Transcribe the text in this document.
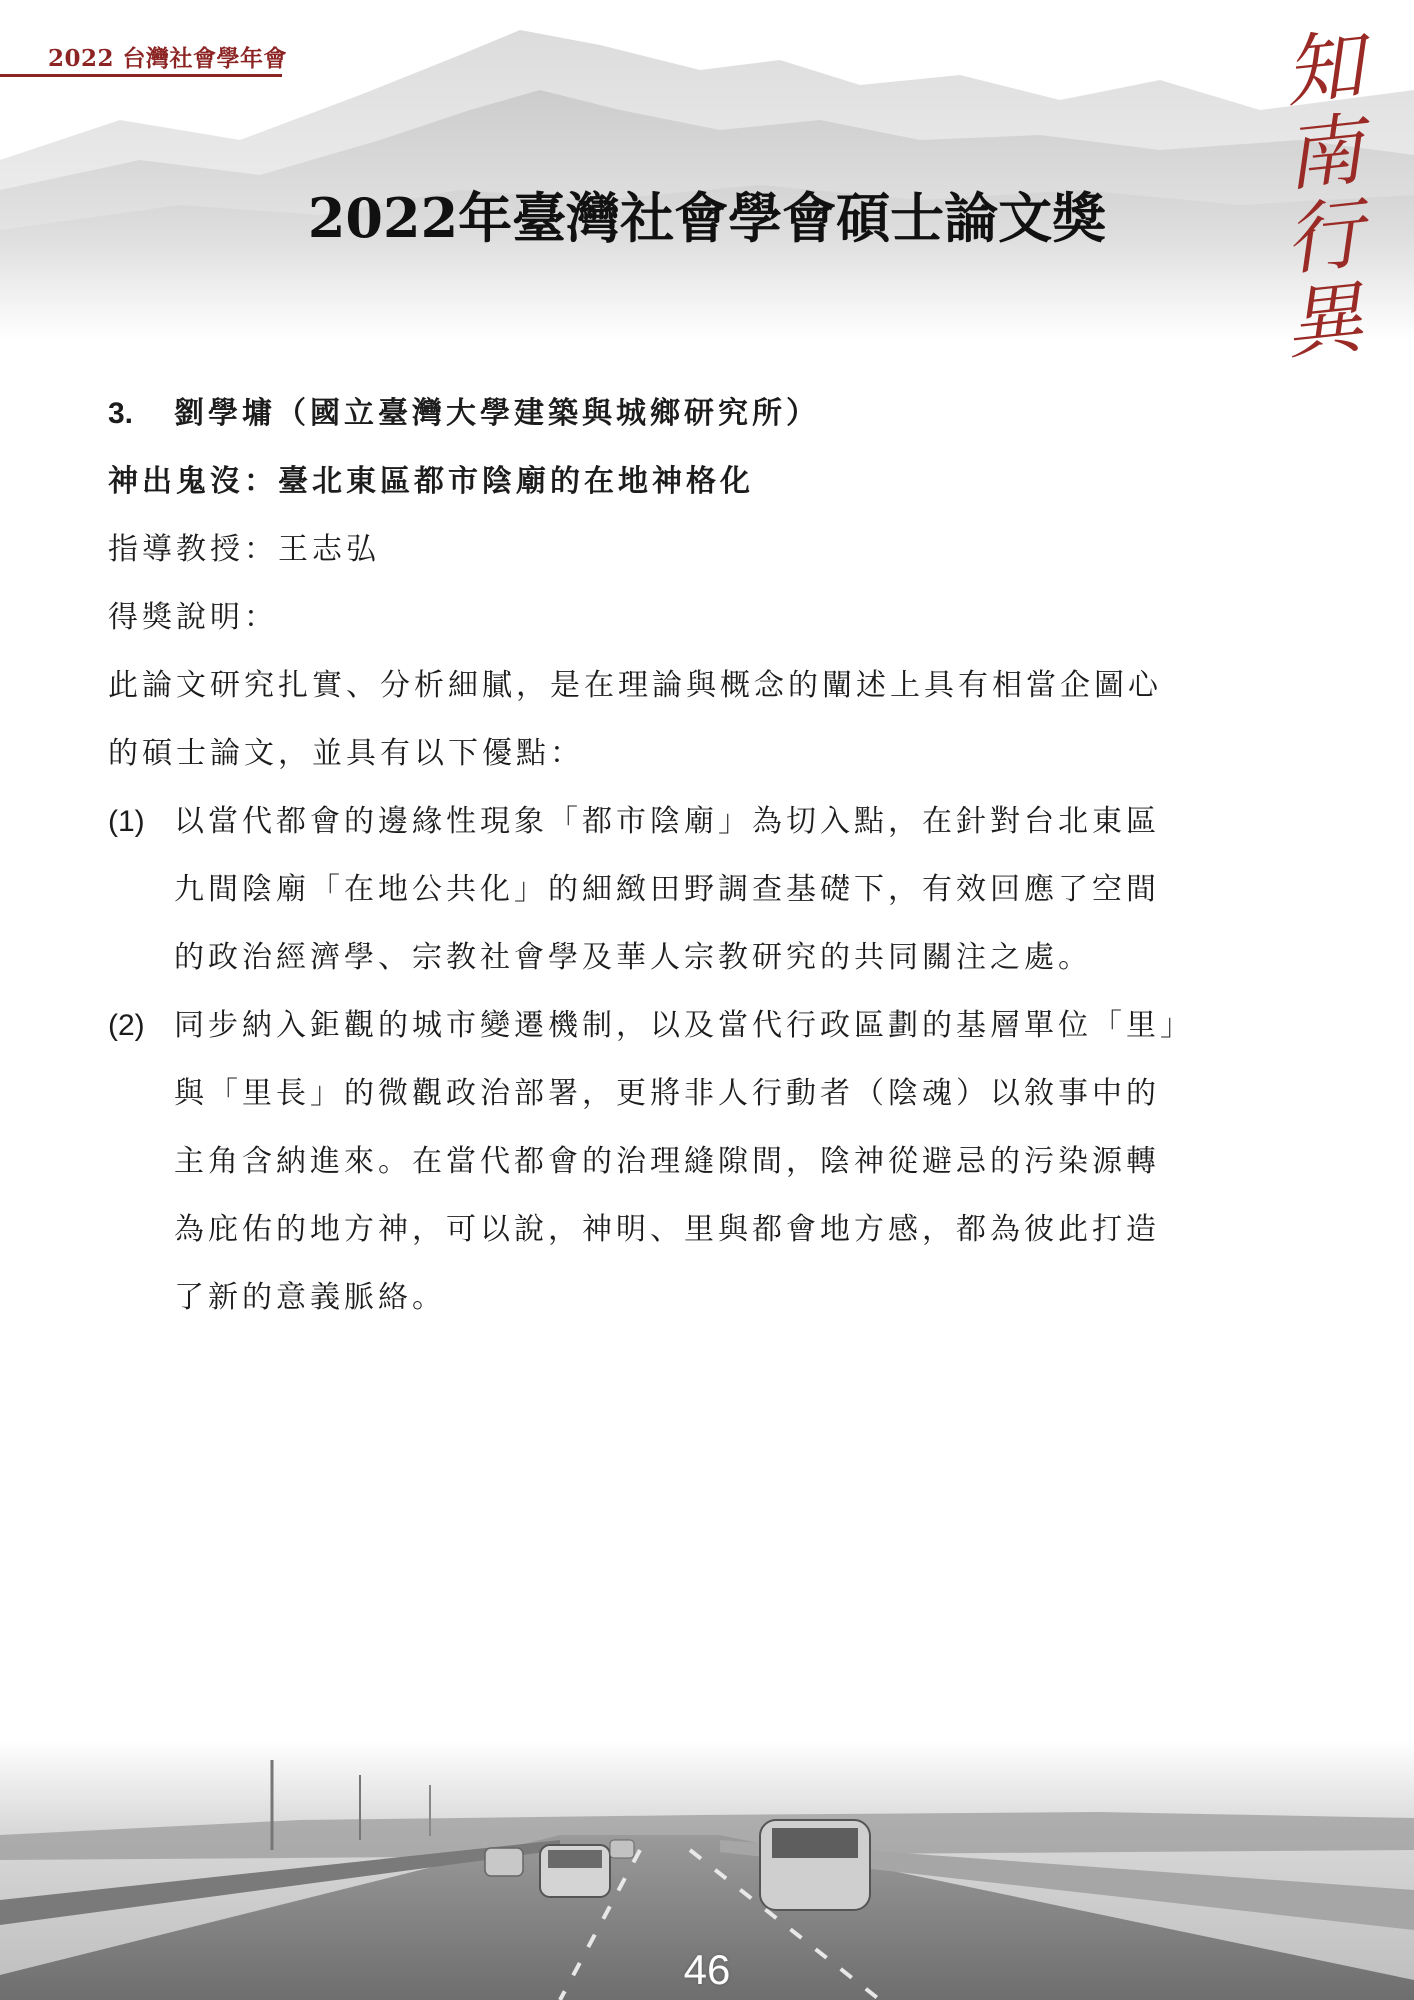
2022 台灣社會學年會	知
南
行
異
2022年臺灣社會學會碩士論文獎
3. 劉學墉（國立臺灣大學建築與城鄉研究所）
神出鬼沒：臺北東區都市陰廟的在地神格化
指導教授：王志弘
得獎說明：
此論文研究扎實、分析細膩，是在理論與概念的闡述上具有相當企圖心
的碩士論文，並具有以下優點：
(1) 以當代都會的邊緣性現象「都市陰廟」為切入點，在針對台北東區
九間陰廟「在地公共化」的細緻田野調查基礎下，有效回應了空間
的政治經濟學、宗教社會學及華人宗教研究的共同關注之處。
(2) 同步納入鉅觀的城市變遷機制，以及當代行政區劃的基層單位「里」
與「里長」的微觀政治部署，更將非人行動者（陰魂）以敘事中的
主角含納進來。在當代都會的治理縫隙間，陰神從避忌的污染源轉
為庇佑的地方神，可以說，神明、里與都會地方感，都為彼此打造
了新的意義脈絡。
46
